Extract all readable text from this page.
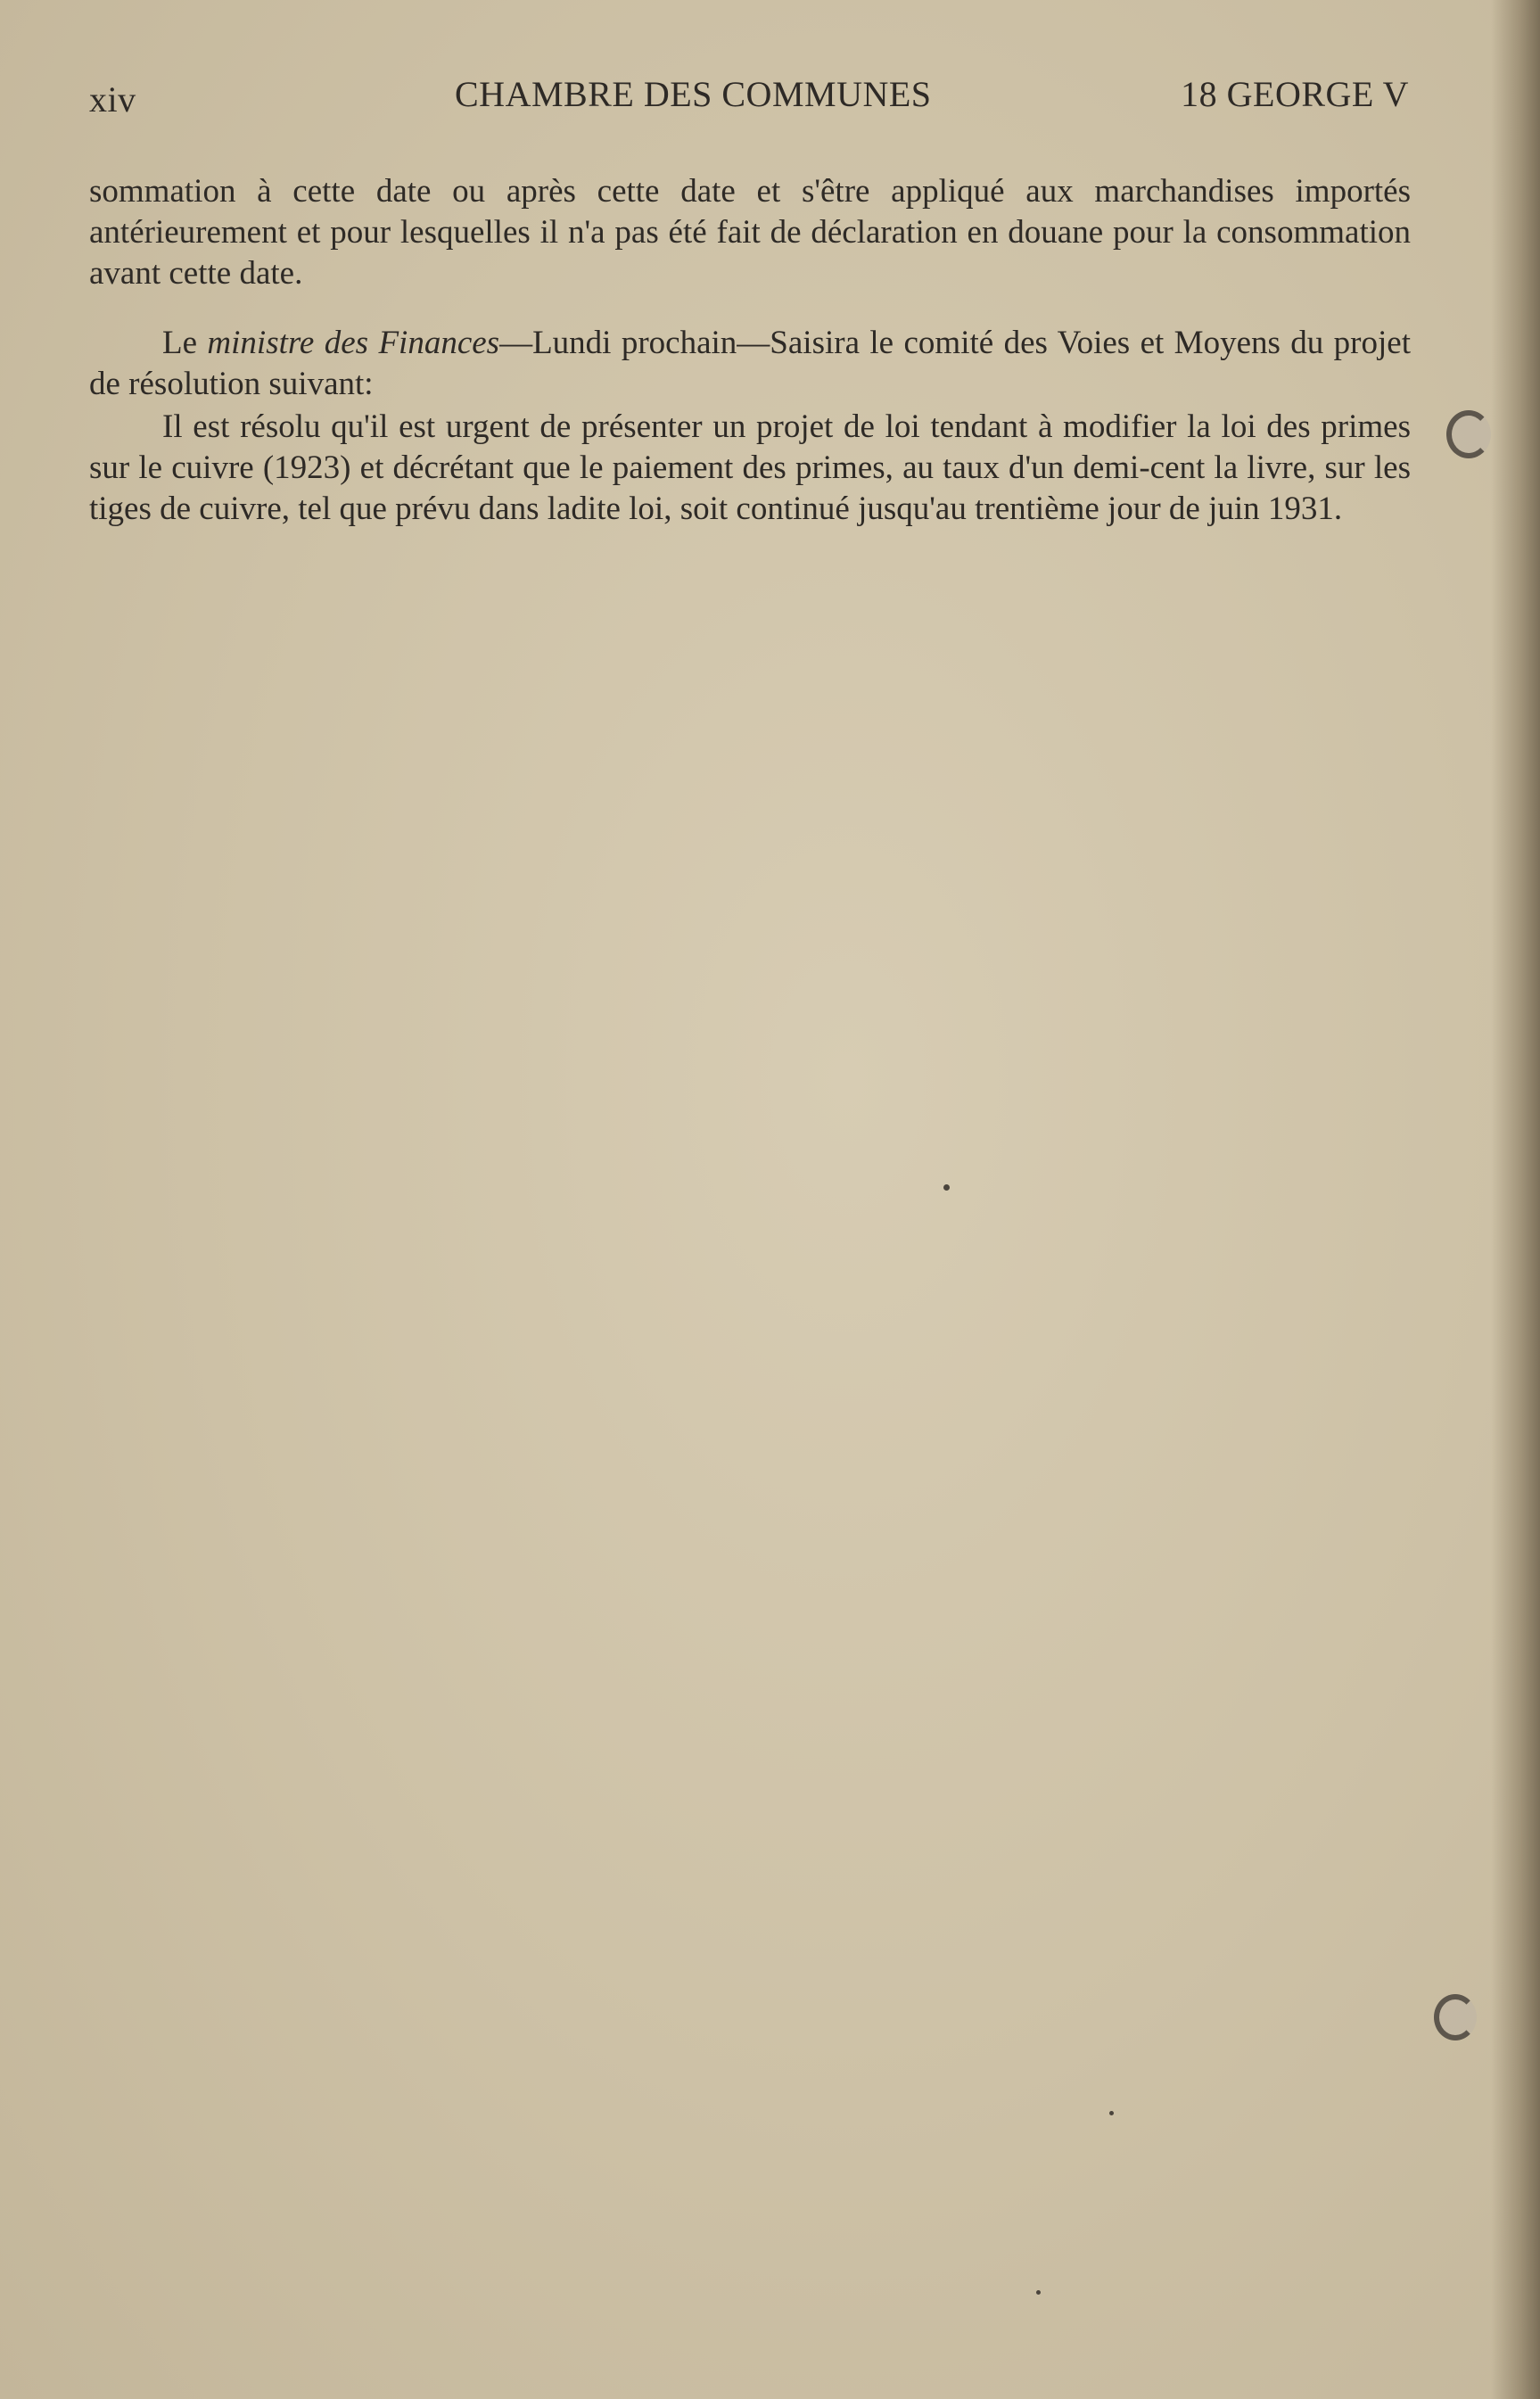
xiv	CHAMBRE DES COMMUNES	18 GEORGE V

sommation à cette date ou après cette date et s'être appliqué aux marchandises importés antérieurement et pour lesquelles il n'a pas été fait de déclaration en douane pour la consommation avant cette date.

Le ministre des Finances—Lundi prochain—Saisira le comité des Voies et Moyens du projet de résolution suivant:

Il est résolu qu'il est urgent de présenter un projet de loi tendant à modifier la loi des primes sur le cuivre (1923) et décrétant que le paiement des primes, au taux d'un demi-cent la livre, sur les tiges de cuivre, tel que prévu dans ladite loi, soit continué jusqu'au trentième jour de juin 1931.
